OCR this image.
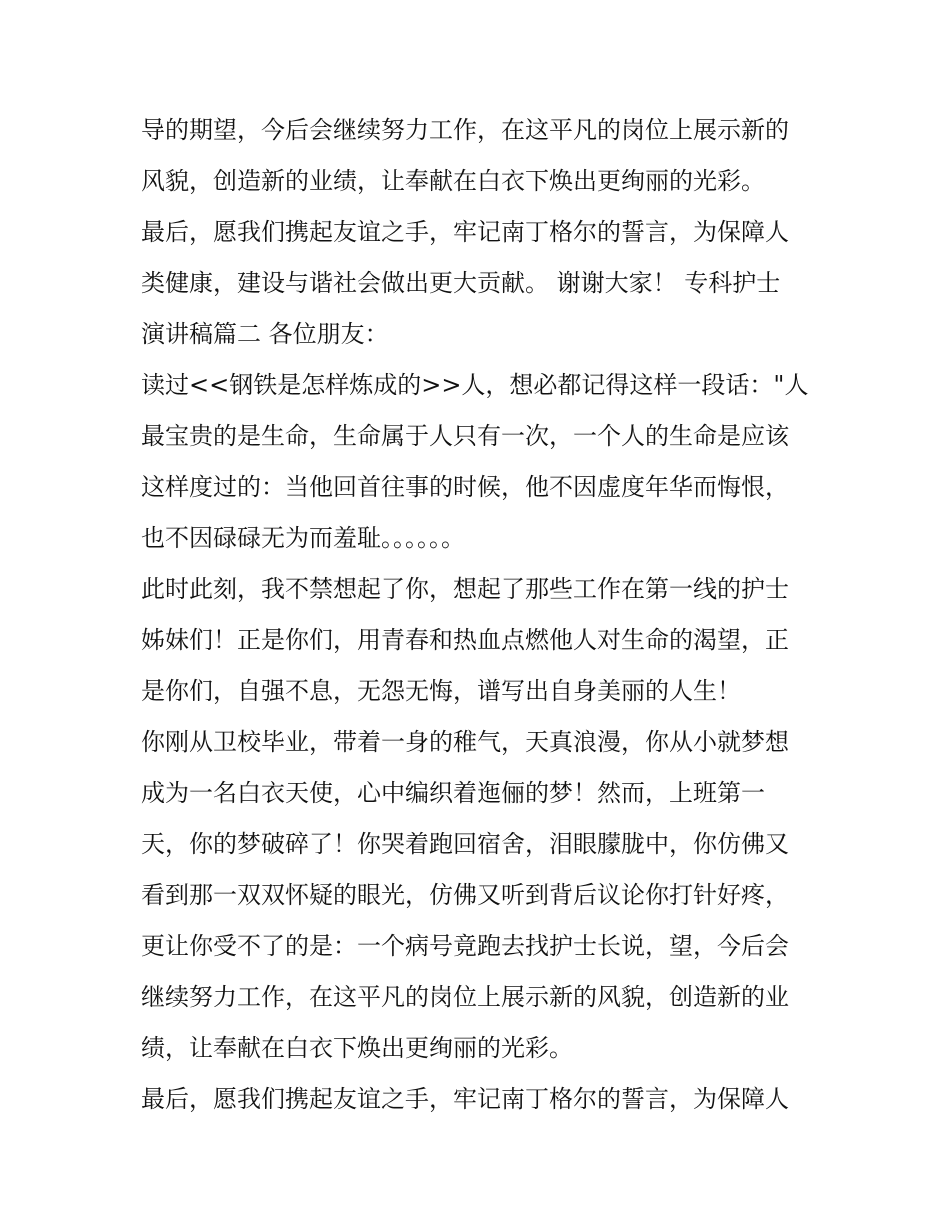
导的期望，今后会继续努力工作，在这平凡的岗位上展示新的
风貌，创造新的业绩，让奉献在白衣下焕出更绚丽的光彩。
最后，愿我们携起友谊之手，牢记南丁格尔的誓言，为保障人
类健康，建设与谐社会做出更大贡献。 谢谢大家！ 专科护士
演讲稿篇二 各位朋友：
读过<<钢铁是怎样炼成的>>人，想必都记得这样一段话："人
最宝贵的是生命，生命属于人只有一次，一个人的生命是应该
这样度过的：当他回首往事的时候，他不因虚度年华而悔恨，
也不因碌碌无为而羞耻。。。。。。
此时此刻，我不禁想起了你，想起了那些工作在第一线的护士
姊妹们！正是你们，用青春和热血点燃他人对生命的渴望，正
是你们，自强不息，无怨无悔，谱写出自身美丽的人生！
你刚从卫校毕业，带着一身的稚气，天真浪漫，你从小就梦想
成为一名白衣天使，心中编织着迤俪的梦！然而，上班第一
天，你的梦破碎了！你哭着跑回宿舍，泪眼朦胧中，你仿佛又
看到那一双双怀疑的眼光，仿佛又听到背后议论你打针好疼，
更让你受不了的是：一个病号竟跑去找护士长说，望，今后会
继续努力工作，在这平凡的岗位上展示新的风貌，创造新的业
绩，让奉献在白衣下焕出更绚丽的光彩。
最后，愿我们携起友谊之手，牢记南丁格尔的誓言，为保障人
